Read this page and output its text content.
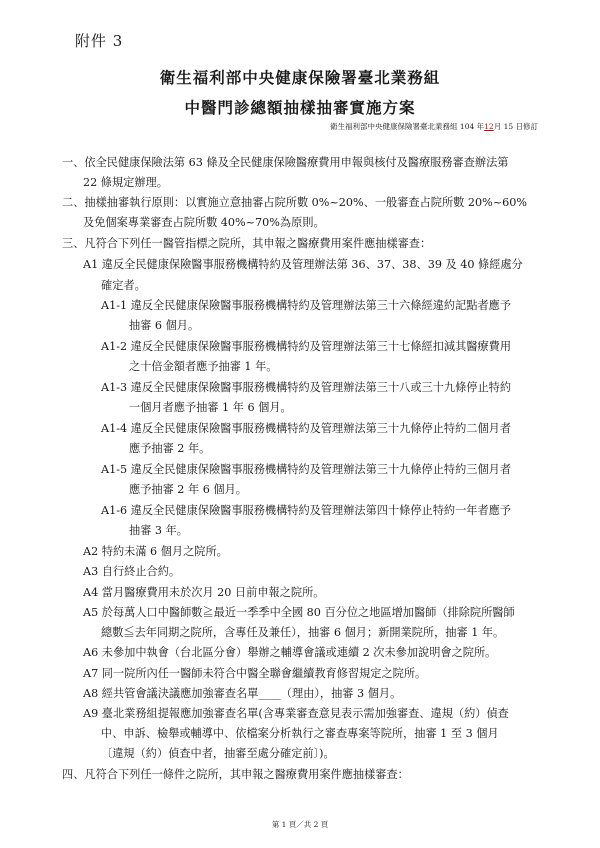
附件 3
衛生福利部中央健康保險署臺北業務組
中醫門診總額抽樣抽審實施方案
衛生福利部中央健康保險署臺北業務組 104 年12月 15 日修訂
一、依全民健康保險法第 63 條及全民健康保險醫療費用申報與核付及醫療服務審查辦法第
22 條規定辦理。
二、抽樣抽審執行原則：以實施立意抽審占院所數 0%~20%、一般審查占院所數 20%~60%
及免個案專業審查占院所數 40%~70%為原則。
三、凡符合下列任一醫管指標之院所，其申報之醫療費用案件應抽樣審查：
A1 違反全民健康保險醫事服務機構特約及管理辦法第 36、37、38、39 及 40 條經處分
確定者。
A1-1 違反全民健康保險醫事服務機構特約及管理辦法第三十六條經違約記點者應予
抽審 6 個月。
A1-2 違反全民健康保險醫事服務機構特約及管理辦法第三十七條經扣減其醫療費用
之十倍金額者應予抽審 1 年。
A1-3 違反全民健康保險醫事服務機構特約及管理辦法第三十八或三十九條停止特約
一個月者應予抽審 1 年 6 個月。
A1-4 違反全民健康保險醫事服務機構特約及管理辦法第三十九條停止特約二個月者
應予抽審 2 年。
A1-5 違反全民健康保險醫事服務機構特約及管理辦法第三十九條停止特約三個月者
應予抽審 2 年 6 個月。
A1-6 違反全民健康保險醫事服務機構特約及管理辦法第四十條停止特約一年者應予
抽審 3 年。
A2 特約未滿 6 個月之院所。
A3 自行終止合約。
A4 當月醫療費用未於次月 20 日前申報之院所。
A5 於每萬人口中醫師數≧最近一季季中全國 80 百分位之地區增加醫師（排除院所醫師
總數≦去年同期之院所，含專任及兼任），抽審 6 個月；新開業院所，抽審 1 年。
A6 未參加中執會（台北區分會）舉辦之輔導會議或連續 2 次未參加說明會之院所。
A7 同一院所內任一醫師未符合中醫全聯會繼續教育修習規定之院所。
A8 經共管會議決議應加強審查名單____（理由），抽審 3 個月。
A9 臺北業務組提報應加強審查名單(含專業審查意見表示需加強審查、違規（約）偵查
中、申訴、檢舉或輔導中、依檔案分析執行之審查專案等院所，抽審 1 至 3 個月
〔違規（約）偵查中者，抽審至處分確定前〕)。
四、凡符合下列任一條件之院所，其申報之醫療費用案件應抽樣審查：
第 1 頁／共 2 頁
